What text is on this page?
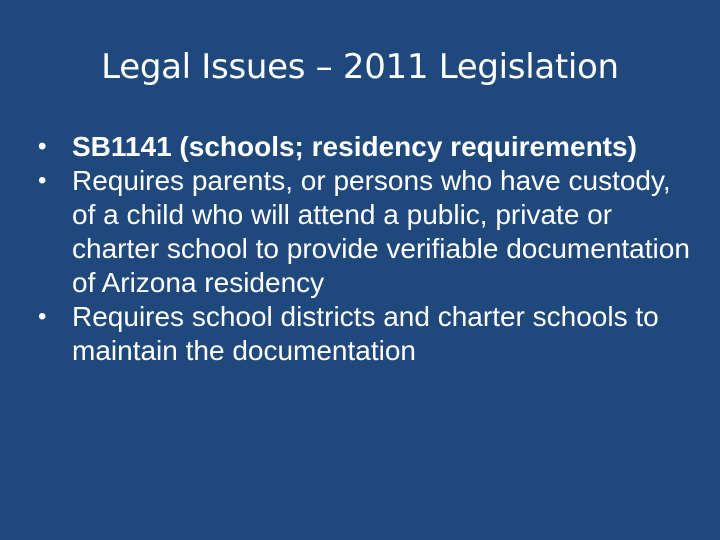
Legal Issues – 2011 Legislation
• SB1141 (schools; residency requirements)
• Requires parents, or persons who have custody, of a child who will attend a public, private or charter school to provide verifiable documentation of Arizona residency
• Requires school districts and charter schools to maintain the documentation
